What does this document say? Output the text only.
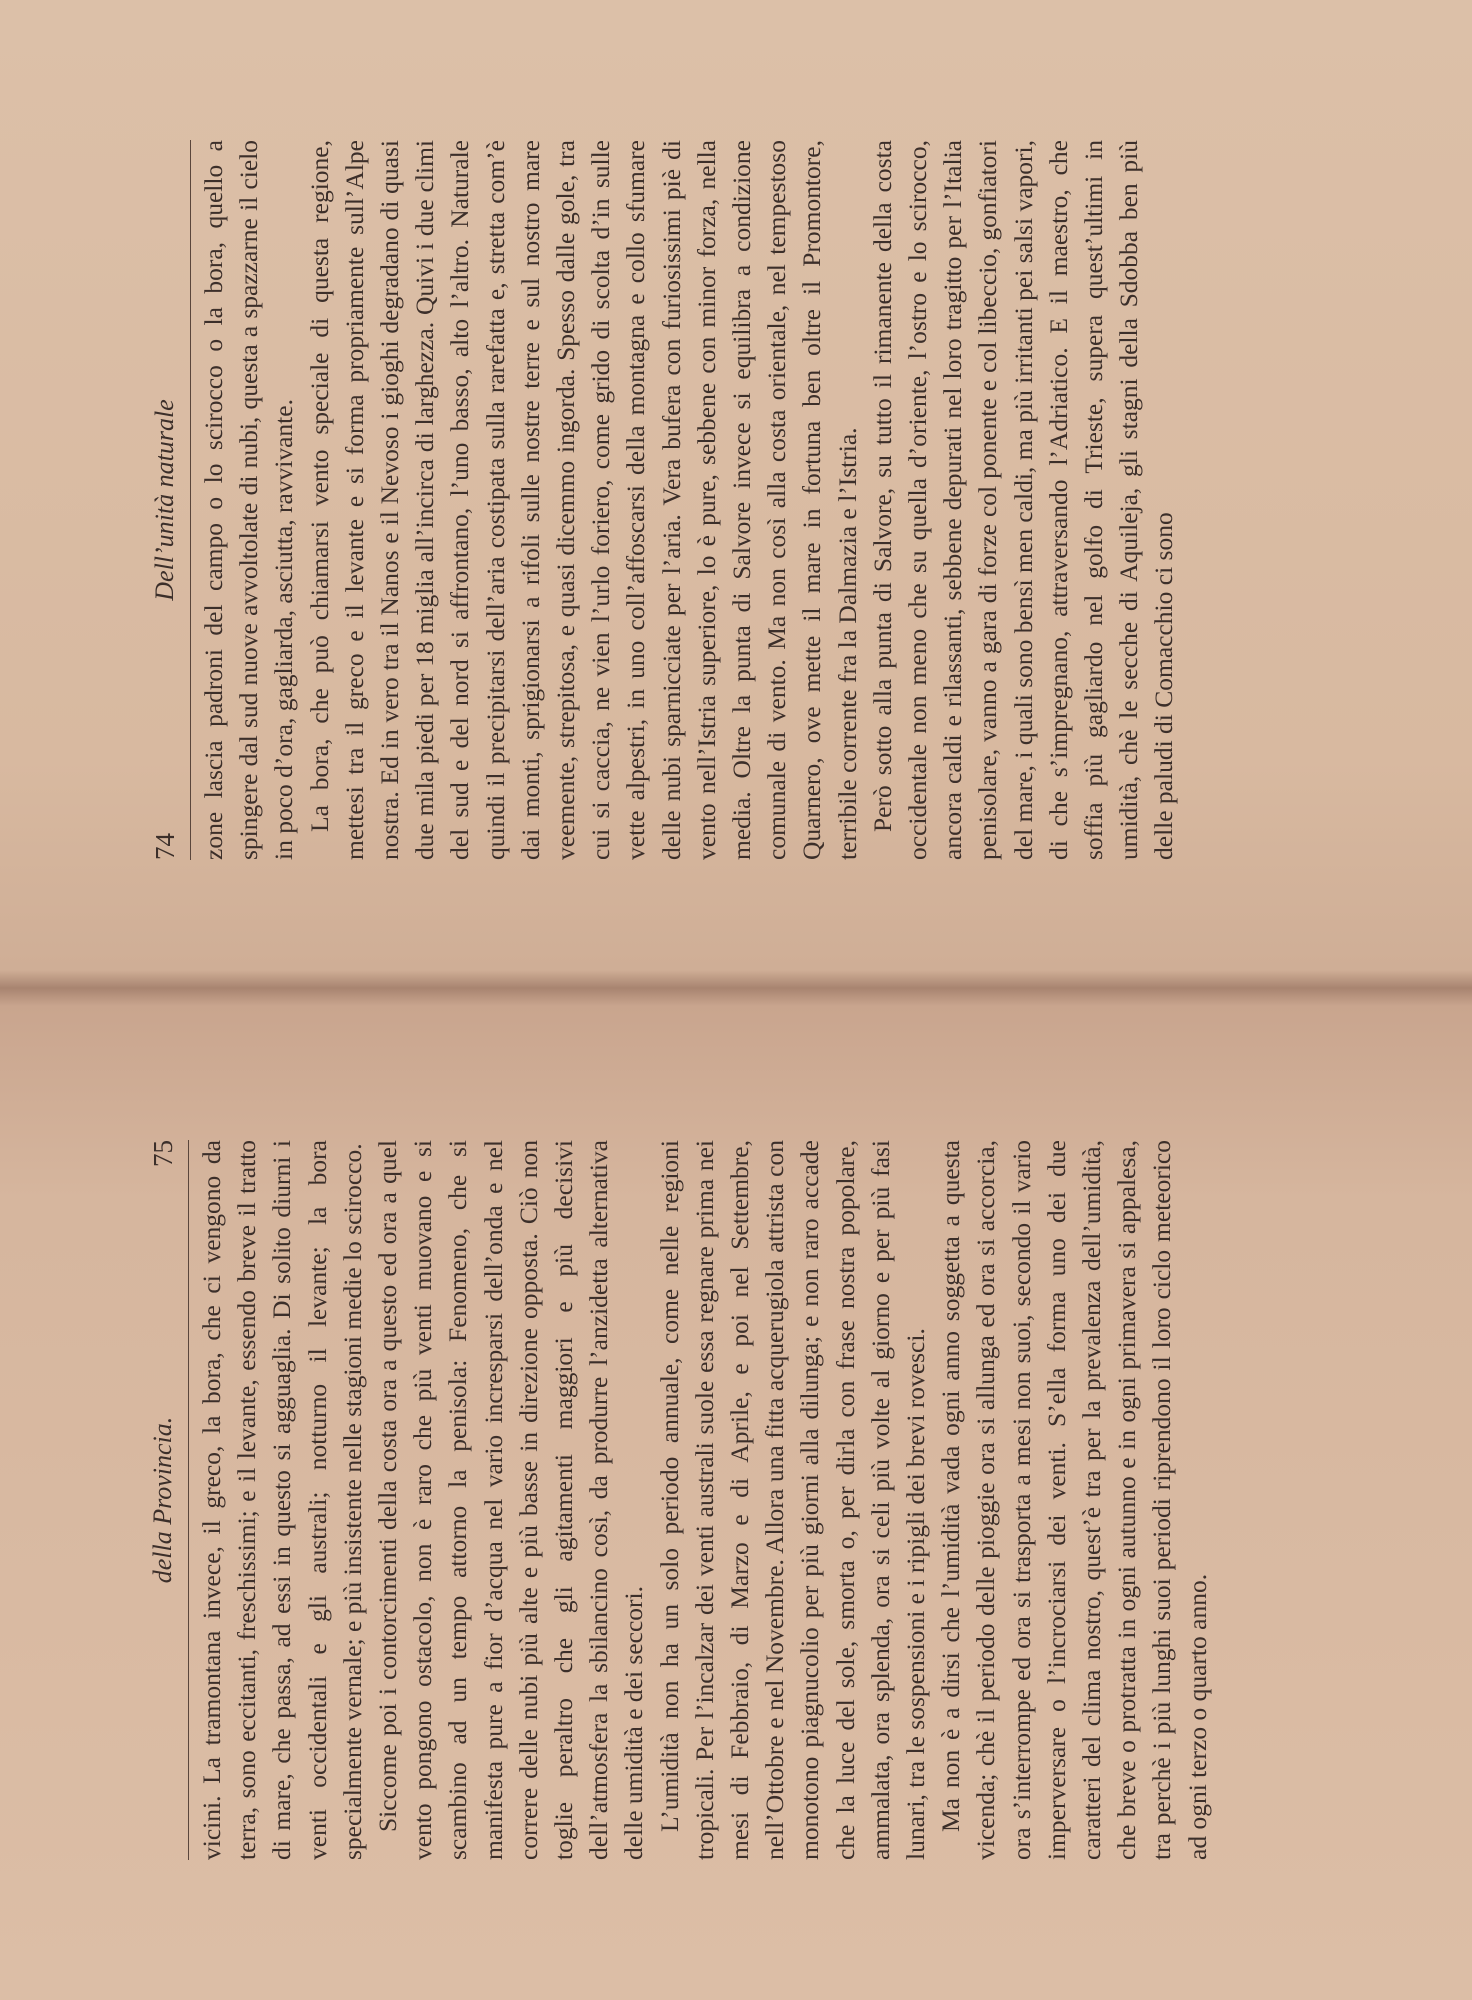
74
Dell’unità naturale zone lascia padroni del campo o lo scirocco o la bora, quello a spingere dal sud nuove avvoltolate di nubi, questa a spazzarne il cielo in poco d’ora, gagliarda, asciutta, ravvivante. La bora, che può chiamarsi vento speciale di questa regione, mettesi tra il greco e il levante e si forma propriamente sull’Alpe nostra. Ed in vero tra il Nanos e il Nevoso i gioghi degradano di quasi due mila piedi per 18 miglia all’incirca di larghezza. Quivi i due climi del sud e del nord si affrontano, l’uno basso, alto l’altro. Naturale quindi il precipitarsi dell’aria costipata sulla rarefatta e, stretta com’è dai monti, sprigionarsi a rifoli sulle nostre terre e sul nostro mare veemente, strepitosa, e quasi dicemmo ingorda. Spesso dalle gole, tra cui si caccia, ne vien l’urlo foriero, come grido di scolta d’in sulle vette alpestri, in uno coll’affoscarsi della montagna e collo sfumare delle nubi sparnicciate per l’aria. Vera bufera con furiosissimi piè di vento nell’Istria superiore, lo è pure, sebbene con minor forza, nella media. Oltre la punta di Salvore invece si equilibra a condizione comunale di vento. Ma non così alla costa orientale, nel tempestoso Quarnero, ove mette il mare in fortuna ben oltre il Promontore, terribile corrente fra la Dalmazia e l’Istria. Però sotto alla punta di Salvore, su tutto il rimanente della costa occidentale non meno che su quella d’oriente, l’ostro e lo scirocco, ancora caldi e rilassanti, sebbene depurati nel loro tragitto per l’Italia penisolare, vanno a gara di forze col ponente e col libeccio, gonfiatori del mare, i quali sono bensì men caldi, ma più irritanti pei salsi vapori, di che s’impregnano, attraversando l’Adriatico. E il maestro, che soffia più gagliardo nel golfo di Trieste, supera quest’ultimi in umidità, chè le secche di Aquileja, gli stagni della Sdobba ben più delle paludi di Comacchio ci sono

della Provincia.
75 vicini. La tramontana invece, il greco, la bora, che ci vengono da terra, sono eccitanti, freschissimi; e il levante, essendo breve il tratto di mare, che passa, ad essi in questo si agguaglia. Di solito diurni i venti occidentali e gli australi; notturno il levante; la bora specialmente vernale; e più insistente nelle stagioni medie lo scirocco. Siccome poi i contorcimenti della costa ora a questo ed ora a quel vento pongono ostacolo, non è raro che più venti muovano e si scambino ad un tempo attorno la penisola: Fenomeno, che si manifesta pure a fior d’acqua nel vario incresparsi dell’onda e nel correre delle nubi più alte e più basse in direzione opposta. Ciò non toglie peraltro che gli agitamenti maggiori e più decisivi dell’atmosfera la sbilancino così, da produrre l’anzidetta alternativa delle umidità e dei seccori. L’umidità non ha un solo periodo annuale, come nelle regioni tropicali. Per l’incalzar dei venti australi suole essa regnare prima nei mesi di Febbraio, di Marzo e di Aprile, e poi nel Settembre, nell’Ottobre e nel Novembre. Allora una fitta acquerugiola attrista con monotono piagnucolio per più giorni alla dilunga; e non raro accade che la luce del sole, smorta o, per dirla con frase nostra popolare, ammalata, ora splenda, ora si celi più volte al giorno e per più fasi lunari, tra le sospensioni e i ripigli dei brevi rovesci. Ma non è a dirsi che l’umidità vada ogni anno soggetta a questa vicenda; chè il periodo delle pioggie ora si allunga ed ora si accorcia, ora s’interrompe ed ora si trasporta a mesi non suoi, secondo il vario imperversare o l’incrociarsi dei venti. S’ella forma uno dei due caratteri del clima nostro, quest’è tra per la prevalenza dell’umidità, che breve o protratta in ogni autunno e in ogni primavera si appalesa, tra perchè i più lunghi suoi periodi riprendono il loro ciclo meteorico ad ogni terzo o quarto anno.
